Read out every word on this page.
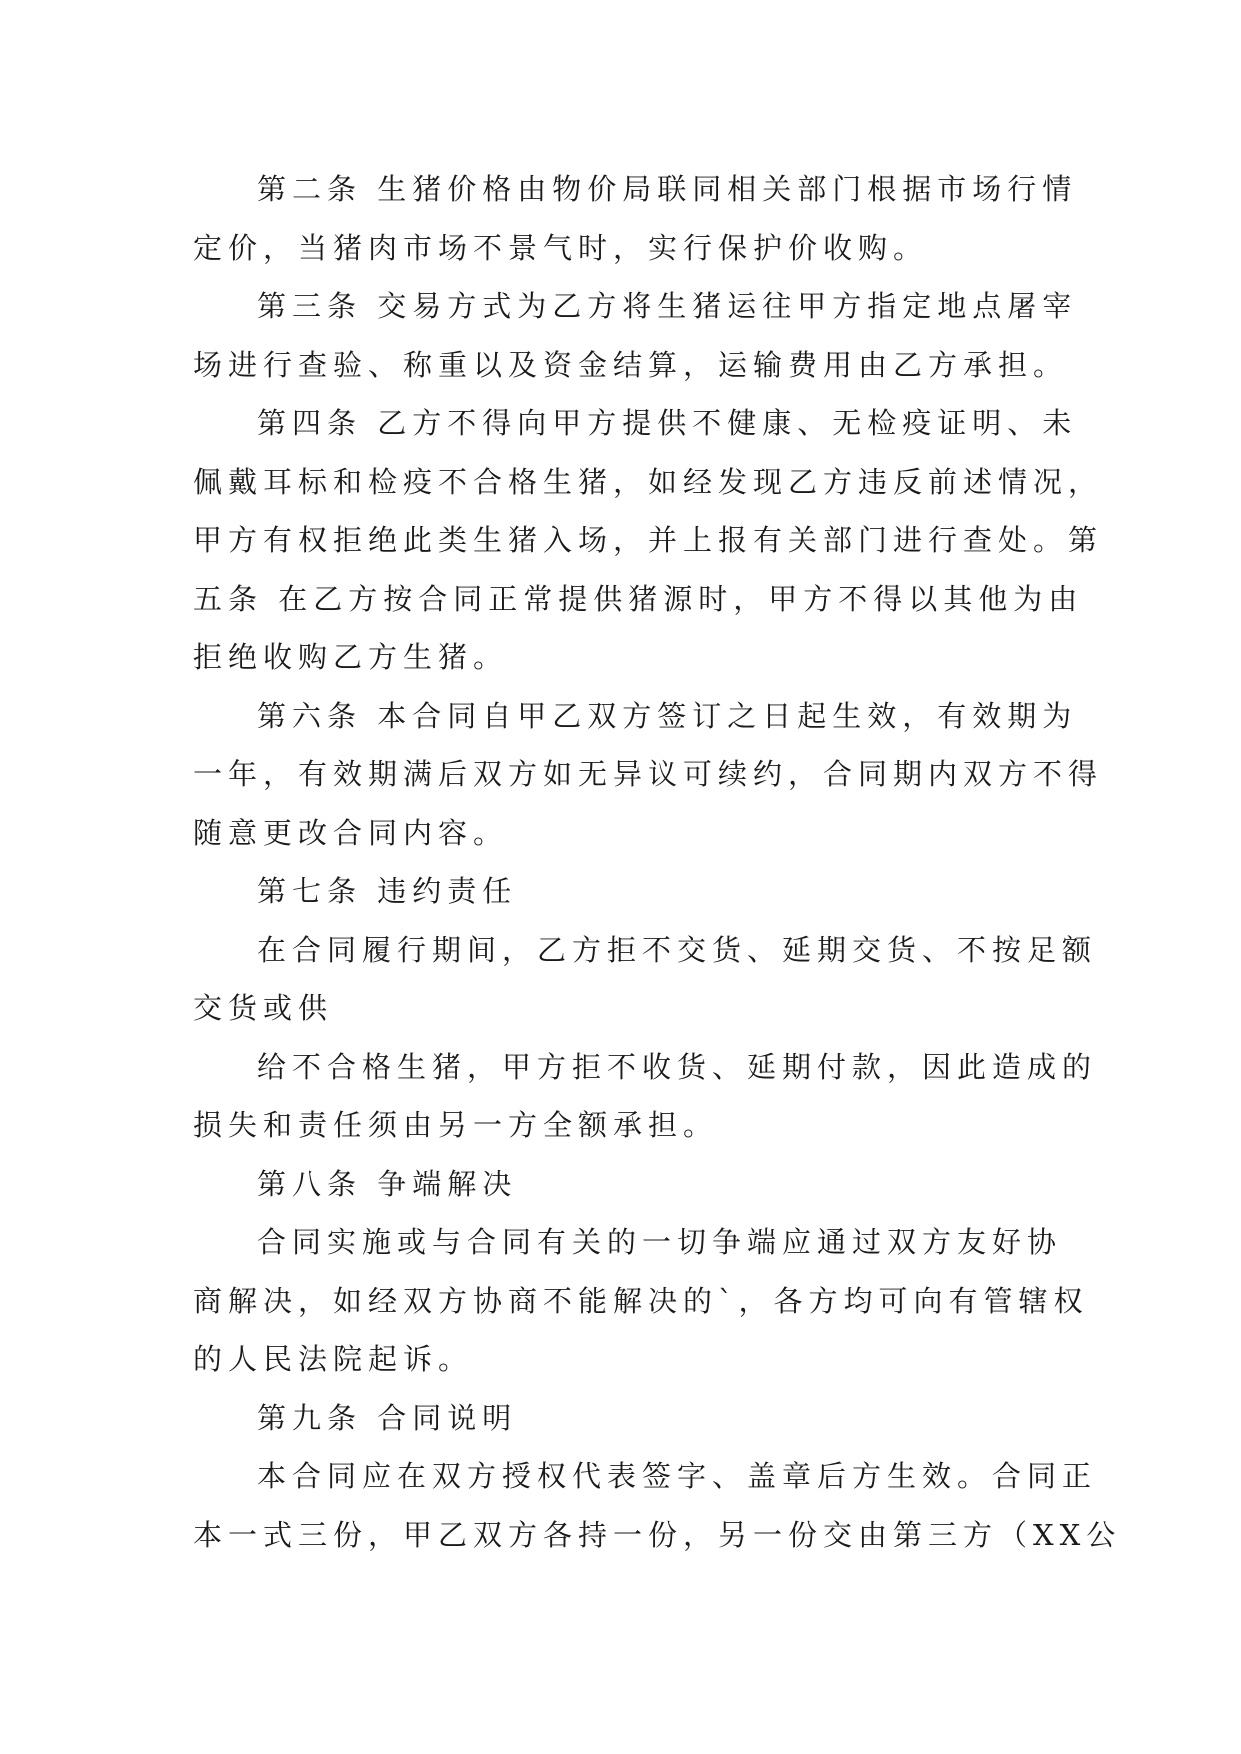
第二条 生猪价格由物价局联同相关部门根据市场行情
定价，当猪肉市场不景气时，实行保护价收购。
第三条 交易方式为乙方将生猪运往甲方指定地点屠宰
场进行查验、称重以及资金结算，运输费用由乙方承担。
第四条 乙方不得向甲方提供不健康、无检疫证明、未
佩戴耳标和检疫不合格生猪，如经发现乙方违反前述情况，
甲方有权拒绝此类生猪入场，并上报有关部门进行查处。第
五条 在乙方按合同正常提供猪源时，甲方不得以其他为由
拒绝收购乙方生猪。
第六条 本合同自甲乙双方签订之日起生效，有效期为
一年，有效期满后双方如无异议可续约，合同期内双方不得
随意更改合同内容。
第七条 违约责任
在合同履行期间，乙方拒不交货、延期交货、不按足额
交货或供
给不合格生猪，甲方拒不收货、延期付款，因此造成的
损失和责任须由另一方全额承担。
第八条 争端解决
合同实施或与合同有关的一切争端应通过双方友好协
商解决，如经双方协商不能解决的`，各方均可向有管辖权
的人民法院起诉。
第九条 合同说明
本合同应在双方授权代表签字、盖章后方生效。合同正
本一式三份，甲乙双方各持一份，另一份交由第三方（XX公
